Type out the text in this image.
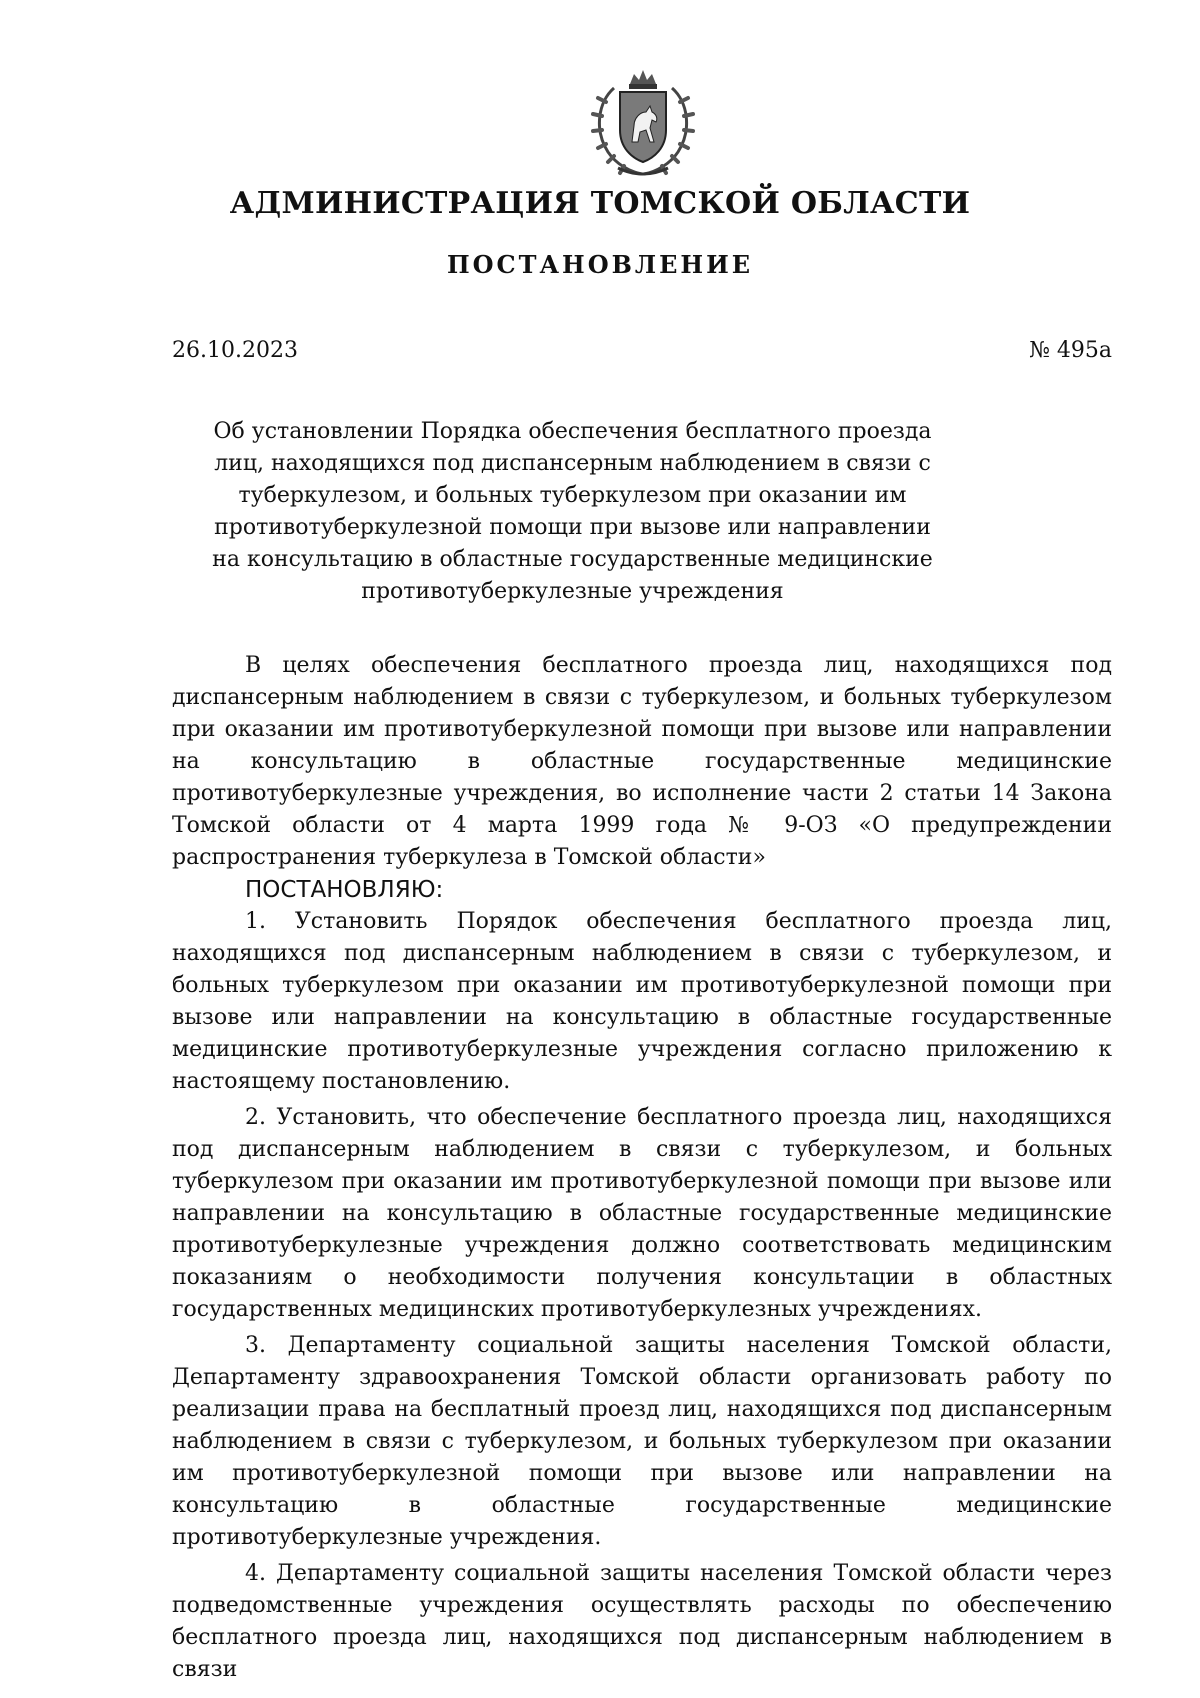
АДМИНИСТРАЦИЯ ТОМСКОЙ ОБЛАСТИ
ПОСТАНОВЛЕНИЕ
26.10.2023	№ 495а
Об установлении Порядка обеспечения бесплатного проезда лиц, находящихся под диспансерным наблюдением в связи с туберкулезом, и больных туберкулезом при оказании им противотуберкулезной помощи при вызове или направлении на консультацию в областные государственные медицинские противотуберкулезные учреждения

В целях обеспечения бесплатного проезда лиц, находящихся под диспансерным наблюдением в связи с туберкулезом, и больных туберкулезом при оказании им противотуберкулезной помощи при вызове или направлении на консультацию в областные государственные медицинские противотуберкулезные учреждения, во исполнение части 2 статьи 14 Закона Томской области от 4 марта 1999 года № 9-ОЗ «О предупреждении распространения туберкулеза в Томской области»

ПОСТАНОВЛЯЮ:

1. Установить Порядок обеспечения бесплатного проезда лиц, находящихся под диспансерным наблюдением в связи с туберкулезом, и больных туберкулезом при оказании им противотуберкулезной помощи при вызове или направлении на консультацию в областные государственные медицинские противотуберкулезные учреждения согласно приложению к настоящему постановлению.

2. Установить, что обеспечение бесплатного проезда лиц, находящихся под диспансерным наблюдением в связи с туберкулезом, и больных туберкулезом при оказании им противотуберкулезной помощи при вызове или направлении на консультацию в областные государственные медицинские противотуберкулезные учреждения должно соответствовать медицинским показаниям о необходимости получения консультации в областных государственных медицинских противотуберкулезных учреждениях.

3. Департаменту социальной защиты населения Томской области, Департаменту здравоохранения Томской области организовать работу по реализации права на бесплатный проезд лиц, находящихся под диспансерным наблюдением в связи с туберкулезом, и больных туберкулезом при оказании им противотуберкулезной помощи при вызове или направлении на консультацию в областные государственные медицинские противотуберкулезные учреждения.

4. Департаменту социальной защиты населения Томской области через подведомственные учреждения осуществлять расходы по обеспечению бесплатного проезда лиц, находящихся под диспансерным наблюдением в связи
